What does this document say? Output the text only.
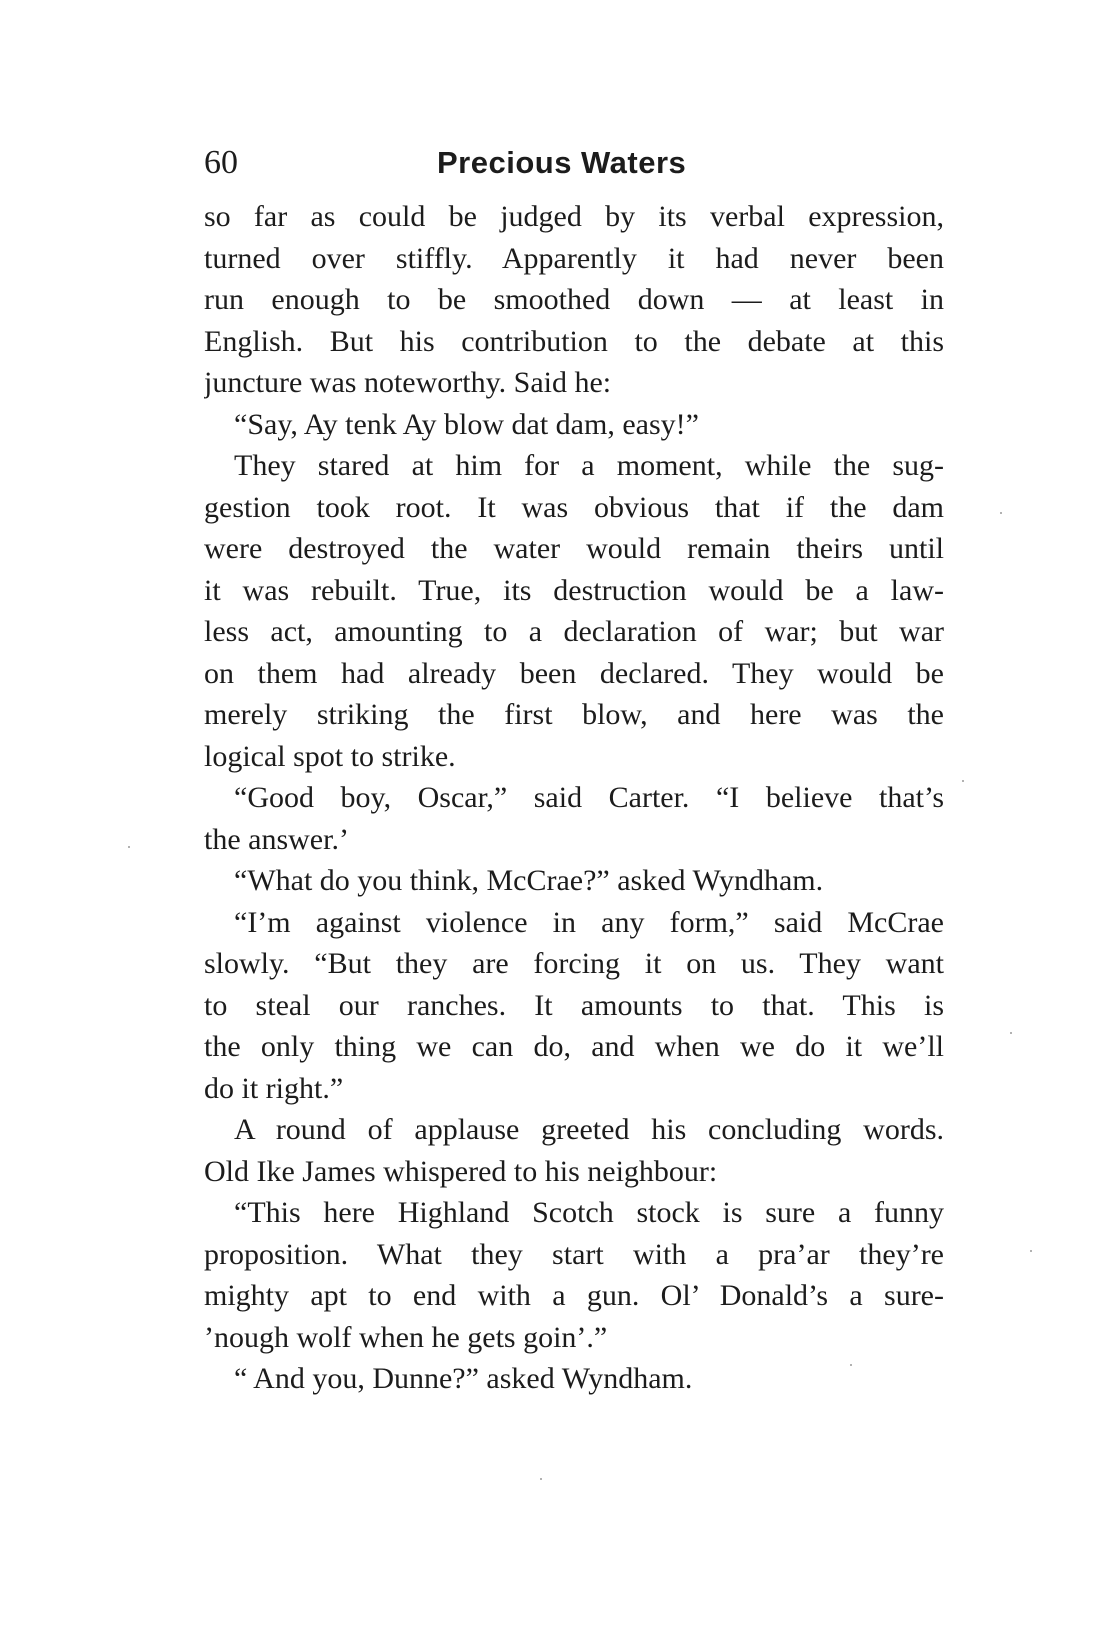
60	Precious Waters
so far as could be judged by its verbal expression,
turned over stiffly. Apparently it had never been
run enough to be smoothed down — at least in
English. But his contribution to the debate at this
juncture was noteworthy. Said he:
“Say, Ay tenk Ay blow dat dam, easy!”
They stared at him for a moment, while the sug-
gestion took root. It was obvious that if the dam
were destroyed the water would remain theirs until
it was rebuilt. True, its destruction would be a law-
less act, amounting to a declaration of war; but war
on them had already been declared. They would be
merely striking the first blow, and here was the
logical spot to strike.
“Good boy, Oscar,” said Carter. “I believe that’s
the answer.’
“What do you think, McCrae?” asked Wyndham.
“I’m against violence in any form,” said McCrae
slowly. “But they are forcing it on us. They want
to steal our ranches. It amounts to that. This is
the only thing we can do, and when we do it we’ll
do it right.”
A round of applause greeted his concluding words.
Old Ike James whispered to his neighbour:
“This here Highland Scotch stock is sure a funny
proposition. What they start with a pra’ar they’re
mighty apt to end with a gun. Ol’ Donald’s a sure-
’nough wolf when he gets goin’.”
“ And you, Dunne?” asked Wyndham.
